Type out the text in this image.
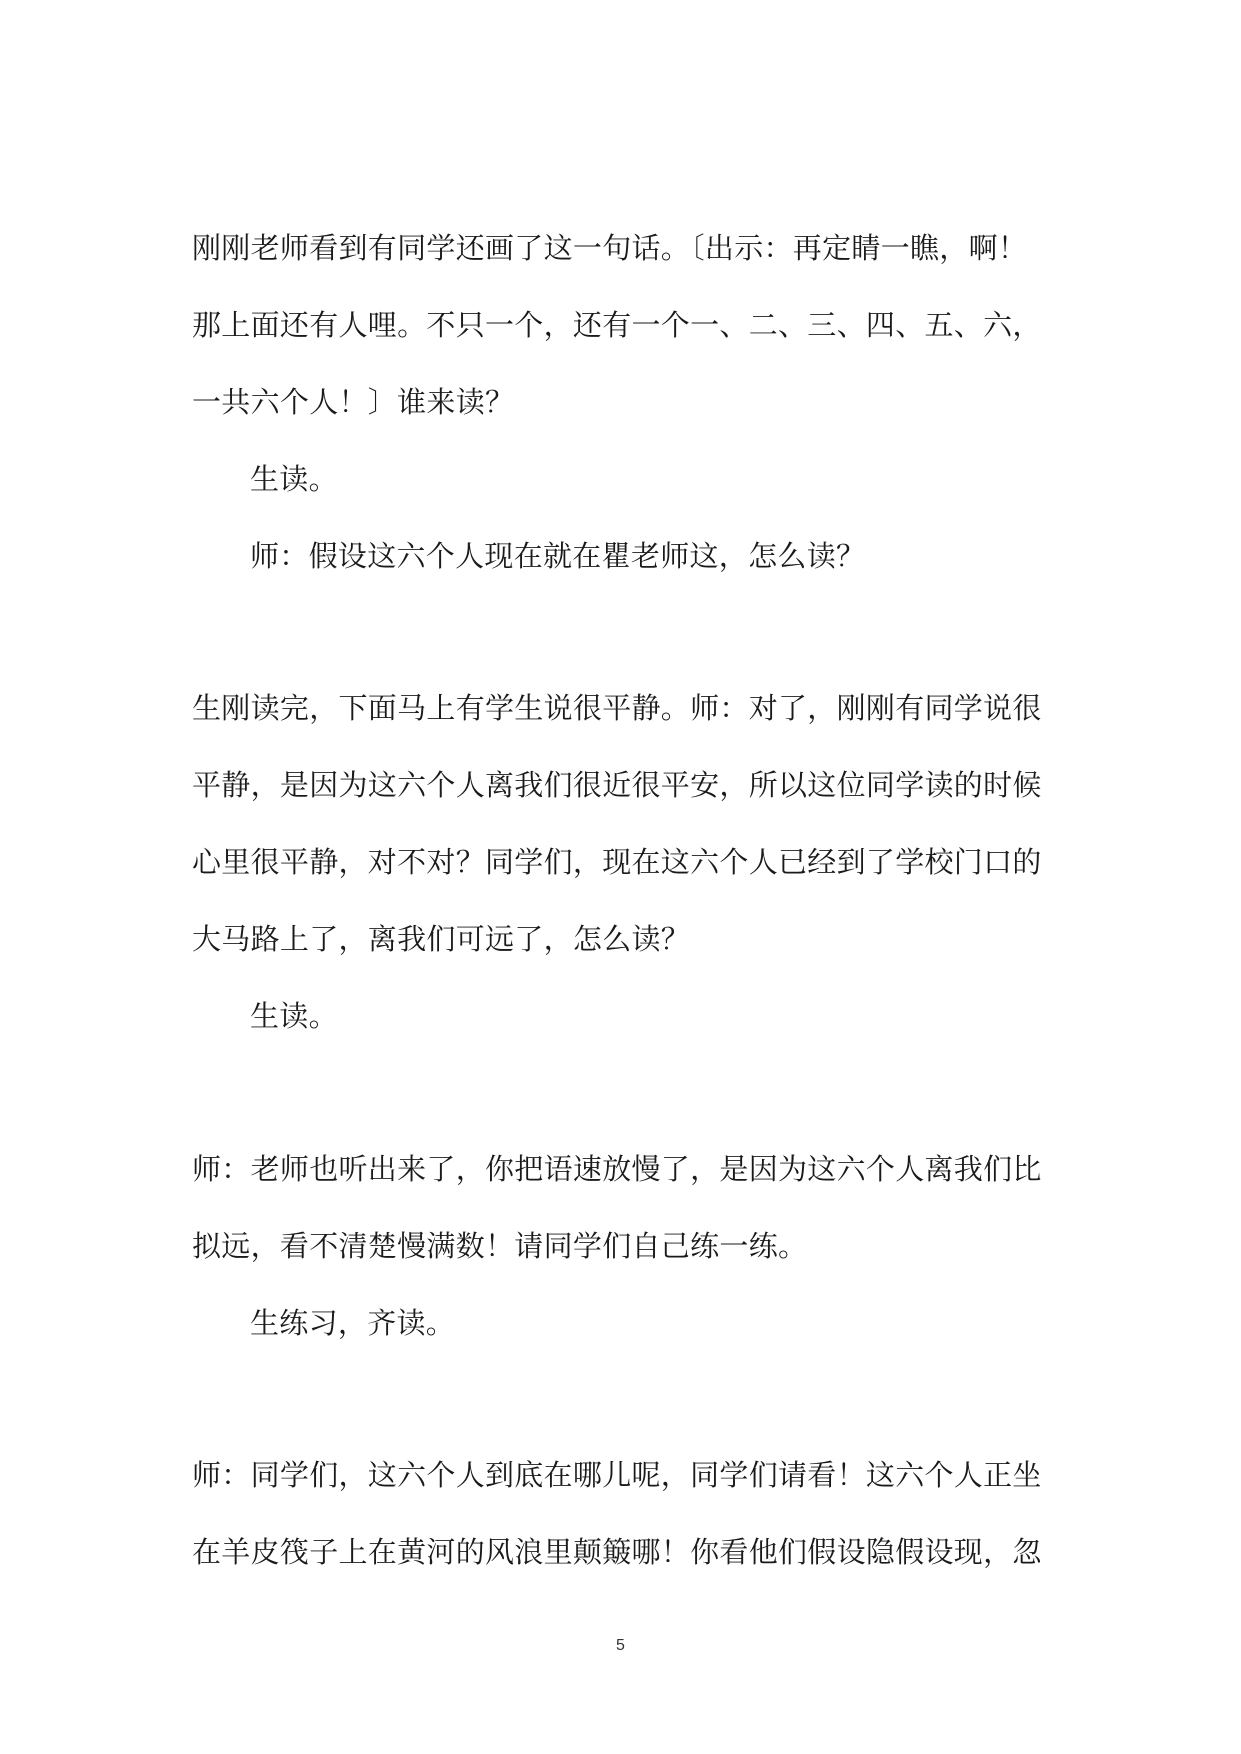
刚刚老师看到有同学还画了这一句话。〔出示：再定睛一瞧，啊！
那上面还有人哩。不只一个，还有一个一、二、三、四、五、六，
一共六个人！〕谁来读？
生读。
师：假设这六个人现在就在瞿老师这，怎么读？
生刚读完，下面马上有学生说很平静。师：对了，刚刚有同学说很
平静，是因为这六个人离我们很近很平安，所以这位同学读的时候
心里很平静，对不对？同学们，现在这六个人已经到了学校门口的
大马路上了，离我们可远了，怎么读？
生读。
师：老师也听出来了，你把语速放慢了，是因为这六个人离我们比
拟远，看不清楚慢满数！请同学们自己练一练。
生练习，齐读。
师：同学们，这六个人到底在哪儿呢，同学们请看！这六个人正坐
在羊皮筏子上在黄河的风浪里颠簸哪！你看他们假设隐假设现，忽
5
